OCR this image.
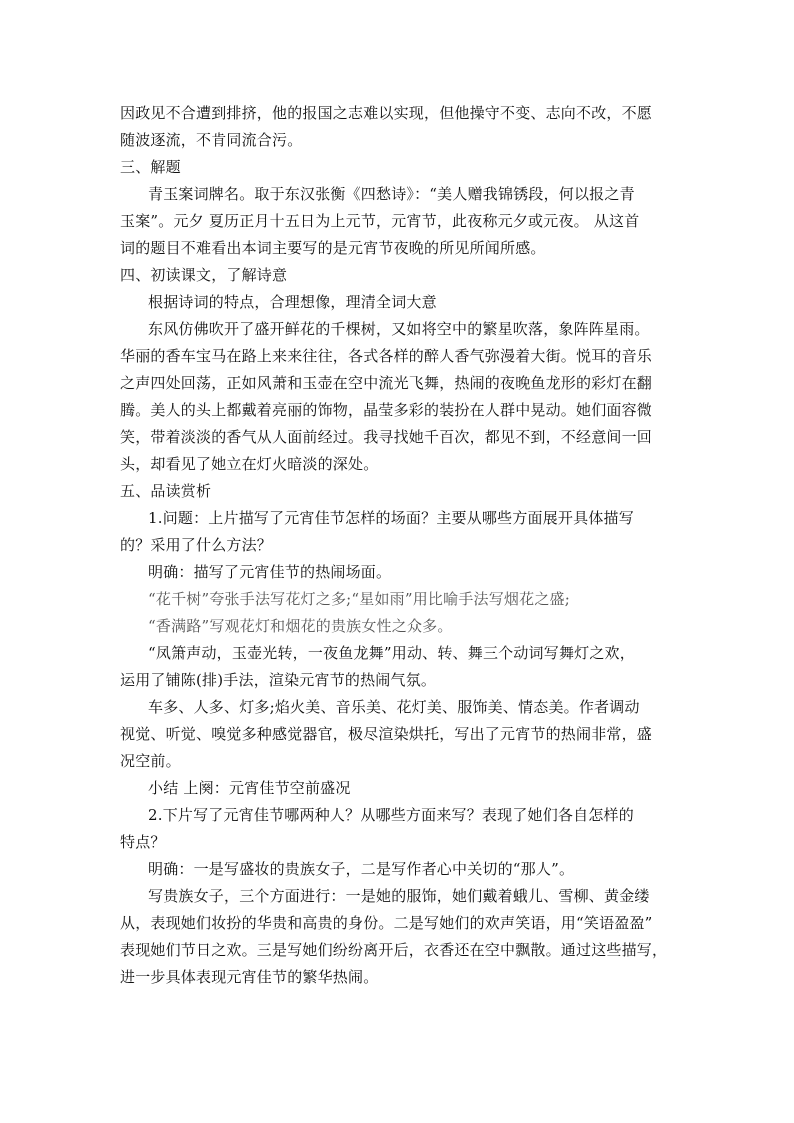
因政见不合遭到排挤，他的报国之志难以实现，但他操守不变、志向不改，不愿
随波逐流，不肯同流合污。
三、解题
青玉案词牌名。取于东汉张衡《四愁诗》：“美人赠我锦锈段，何以报之青
玉案”。元夕 夏历正月十五日为上元节，元宵节，此夜称元夕或元夜。 从这首
词的题目不难看出本词主要写的是元宵节夜晚的所见所闻所感。
四、初读课文，了解诗意
根据诗词的特点，合理想像，理清全词大意
东风仿佛吹开了盛开鲜花的千棵树，又如将空中的繁星吹落，象阵阵星雨。
华丽的香车宝马在路上来来往往，各式各样的醉人香气弥漫着大街。悦耳的音乐
之声四处回荡，正如风萧和玉壶在空中流光飞舞，热闹的夜晚鱼龙形的彩灯在翻
腾。美人的头上都戴着亮丽的饰物，晶莹多彩的装扮在人群中晃动。她们面容微
笑，带着淡淡的香气从人面前经过。我寻找她千百次，都见不到，不经意间一回
头，却看见了她立在灯火暗淡的深处。
五、品读赏析
1.问题：上片描写了元宵佳节怎样的场面？主要从哪些方面展开具体描写
的？采用了什么方法？
明确：描写了元宵佳节的热闹场面。
“花千树”夸张手法写花灯之多;“星如雨”用比喻手法写烟花之盛;
“香满路”写观花灯和烟花的贵族女性之众多。
“凤箫声动，玉壶光转，一夜鱼龙舞”用动、转、舞三个动词写舞灯之欢，
运用了铺陈(排)手法，渲染元宵节的热闹气氛。
车多、人多、灯多;焰火美、音乐美、花灯美、服饰美、情态美。作者调动
视觉、听觉、嗅觉多种感觉器官，极尽渲染烘托，写出了元宵节的热闹非常，盛
况空前。
小结 上阕：元宵佳节空前盛况
2.下片写了元宵佳节哪两种人？从哪些方面来写？表现了她们各自怎样的
特点？
明确：一是写盛妆的贵族女子，二是写作者心中关切的“那人”。
写贵族女子，三个方面进行：一是她的服饰，她们戴着蛾儿、雪柳、黄金缕
从，表现她们妆扮的华贵和高贵的身份。二是写她们的欢声笑语，用“笑语盈盈”
表现她们节日之欢。三是写她们纷纷离开后，衣香还在空中飘散。通过这些描写，
进一步具体表现元宵佳节的繁华热闹。
